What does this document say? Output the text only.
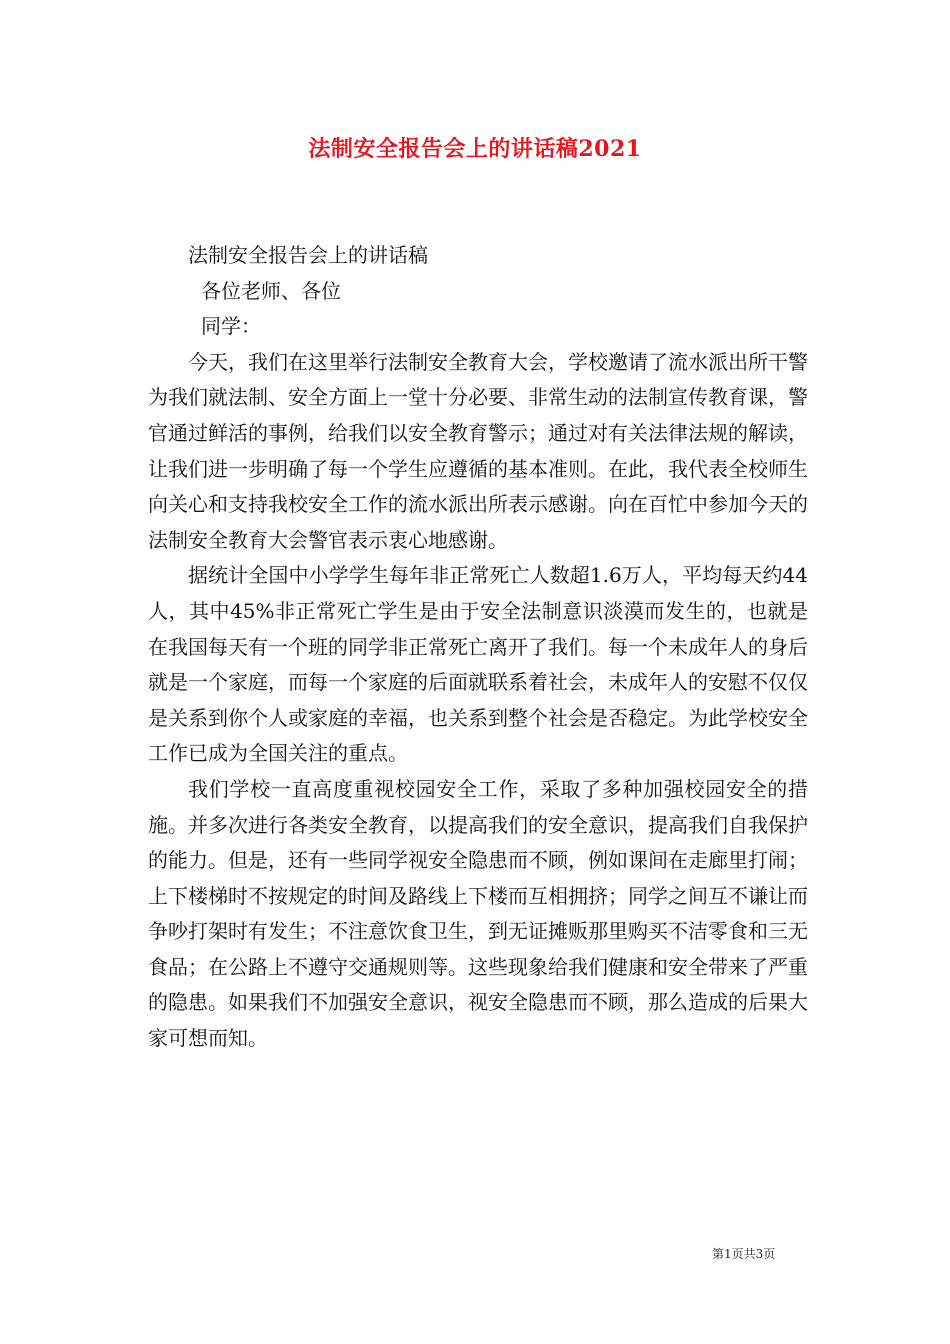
法制安全报告会上的讲话稿2021

法制安全报告会上的讲话稿

各位老师、各位

同学：

今天，我们在这里举行法制安全教育大会，学校邀请了流水派出所干警为我们就法制、安全方面上一堂十分必要、非常生动的法制宣传教育课，警官通过鲜活的事例，给我们以安全教育警示；通过对有关法律法规的解读，让我们进一步明确了每一个学生应遵循的基本准则。在此，我代表全校师生向关心和支持我校安全工作的流水派出所表示感谢。向在百忙中参加今天的法制安全教育大会警官表示衷心地感谢。

据统计全国中小学学生每年非正常死亡人数超1.6万人，平均每天约44人，其中45%非正常死亡学生是由于安全法制意识淡漠而发生的，也就是在我国每天有一个班的同学非正常死亡离开了我们。每一个未成年人的身后就是一个家庭，而每一个家庭的后面就联系着社会，未成年人的安慰不仅仅是关系到你个人或家庭的幸福，也关系到整个社会是否稳定。为此学校安全工作已成为全国关注的重点。

我们学校一直高度重视校园安全工作，采取了多种加强校园安全的措施。并多次进行各类安全教育，以提高我们的安全意识，提高我们自我保护的能力。但是，还有一些同学视安全隐患而不顾，例如课间在走廊里打闹；上下楼梯时不按规定的时间及路线上下楼而互相拥挤；同学之间互不谦让而争吵打架时有发生；不注意饮食卫生，到无证摊贩那里购买不洁零食和三无食品；在公路上不遵守交通规则等。这些现象给我们健康和安全带来了严重的隐患。如果我们不加强安全意识，视安全隐患而不顾，那么造成的后果大家可想而知。

第1页共3页
